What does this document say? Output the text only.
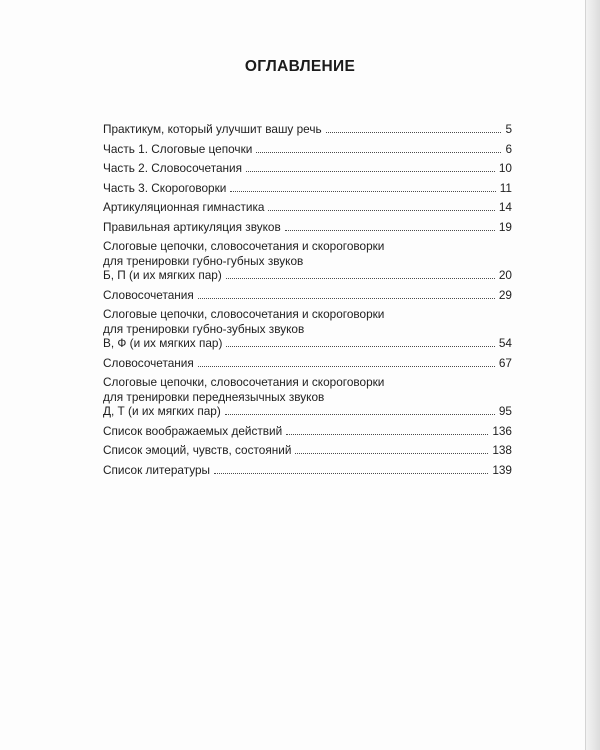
ОГЛАВЛЕНИЕ
Практикум, который улучшит вашу речь	5
Часть 1. Слоговые цепочки	6
Часть 2. Словосочетания	10
Часть 3. Скороговорки	11
Артикуляционная гимнастика	14
Правильная артикуляция звуков	19
Слоговые цепочки, словосочетания и скороговорки
для тренировки губно-губных звуков
Б, П (и их мягких пар)	20
Словосочетания	29
Слоговые цепочки, словосочетания и скороговорки
для тренировки губно-зубных звуков
В, Ф (и их мягких пар)	54
Словосочетания	67
Слоговые цепочки, словосочетания и скороговорки
для тренировки переднеязычных звуков
Д, Т (и их мягких пар)	95
Список воображаемых действий	136
Список эмоций, чувств, состояний	138
Список литературы	139
